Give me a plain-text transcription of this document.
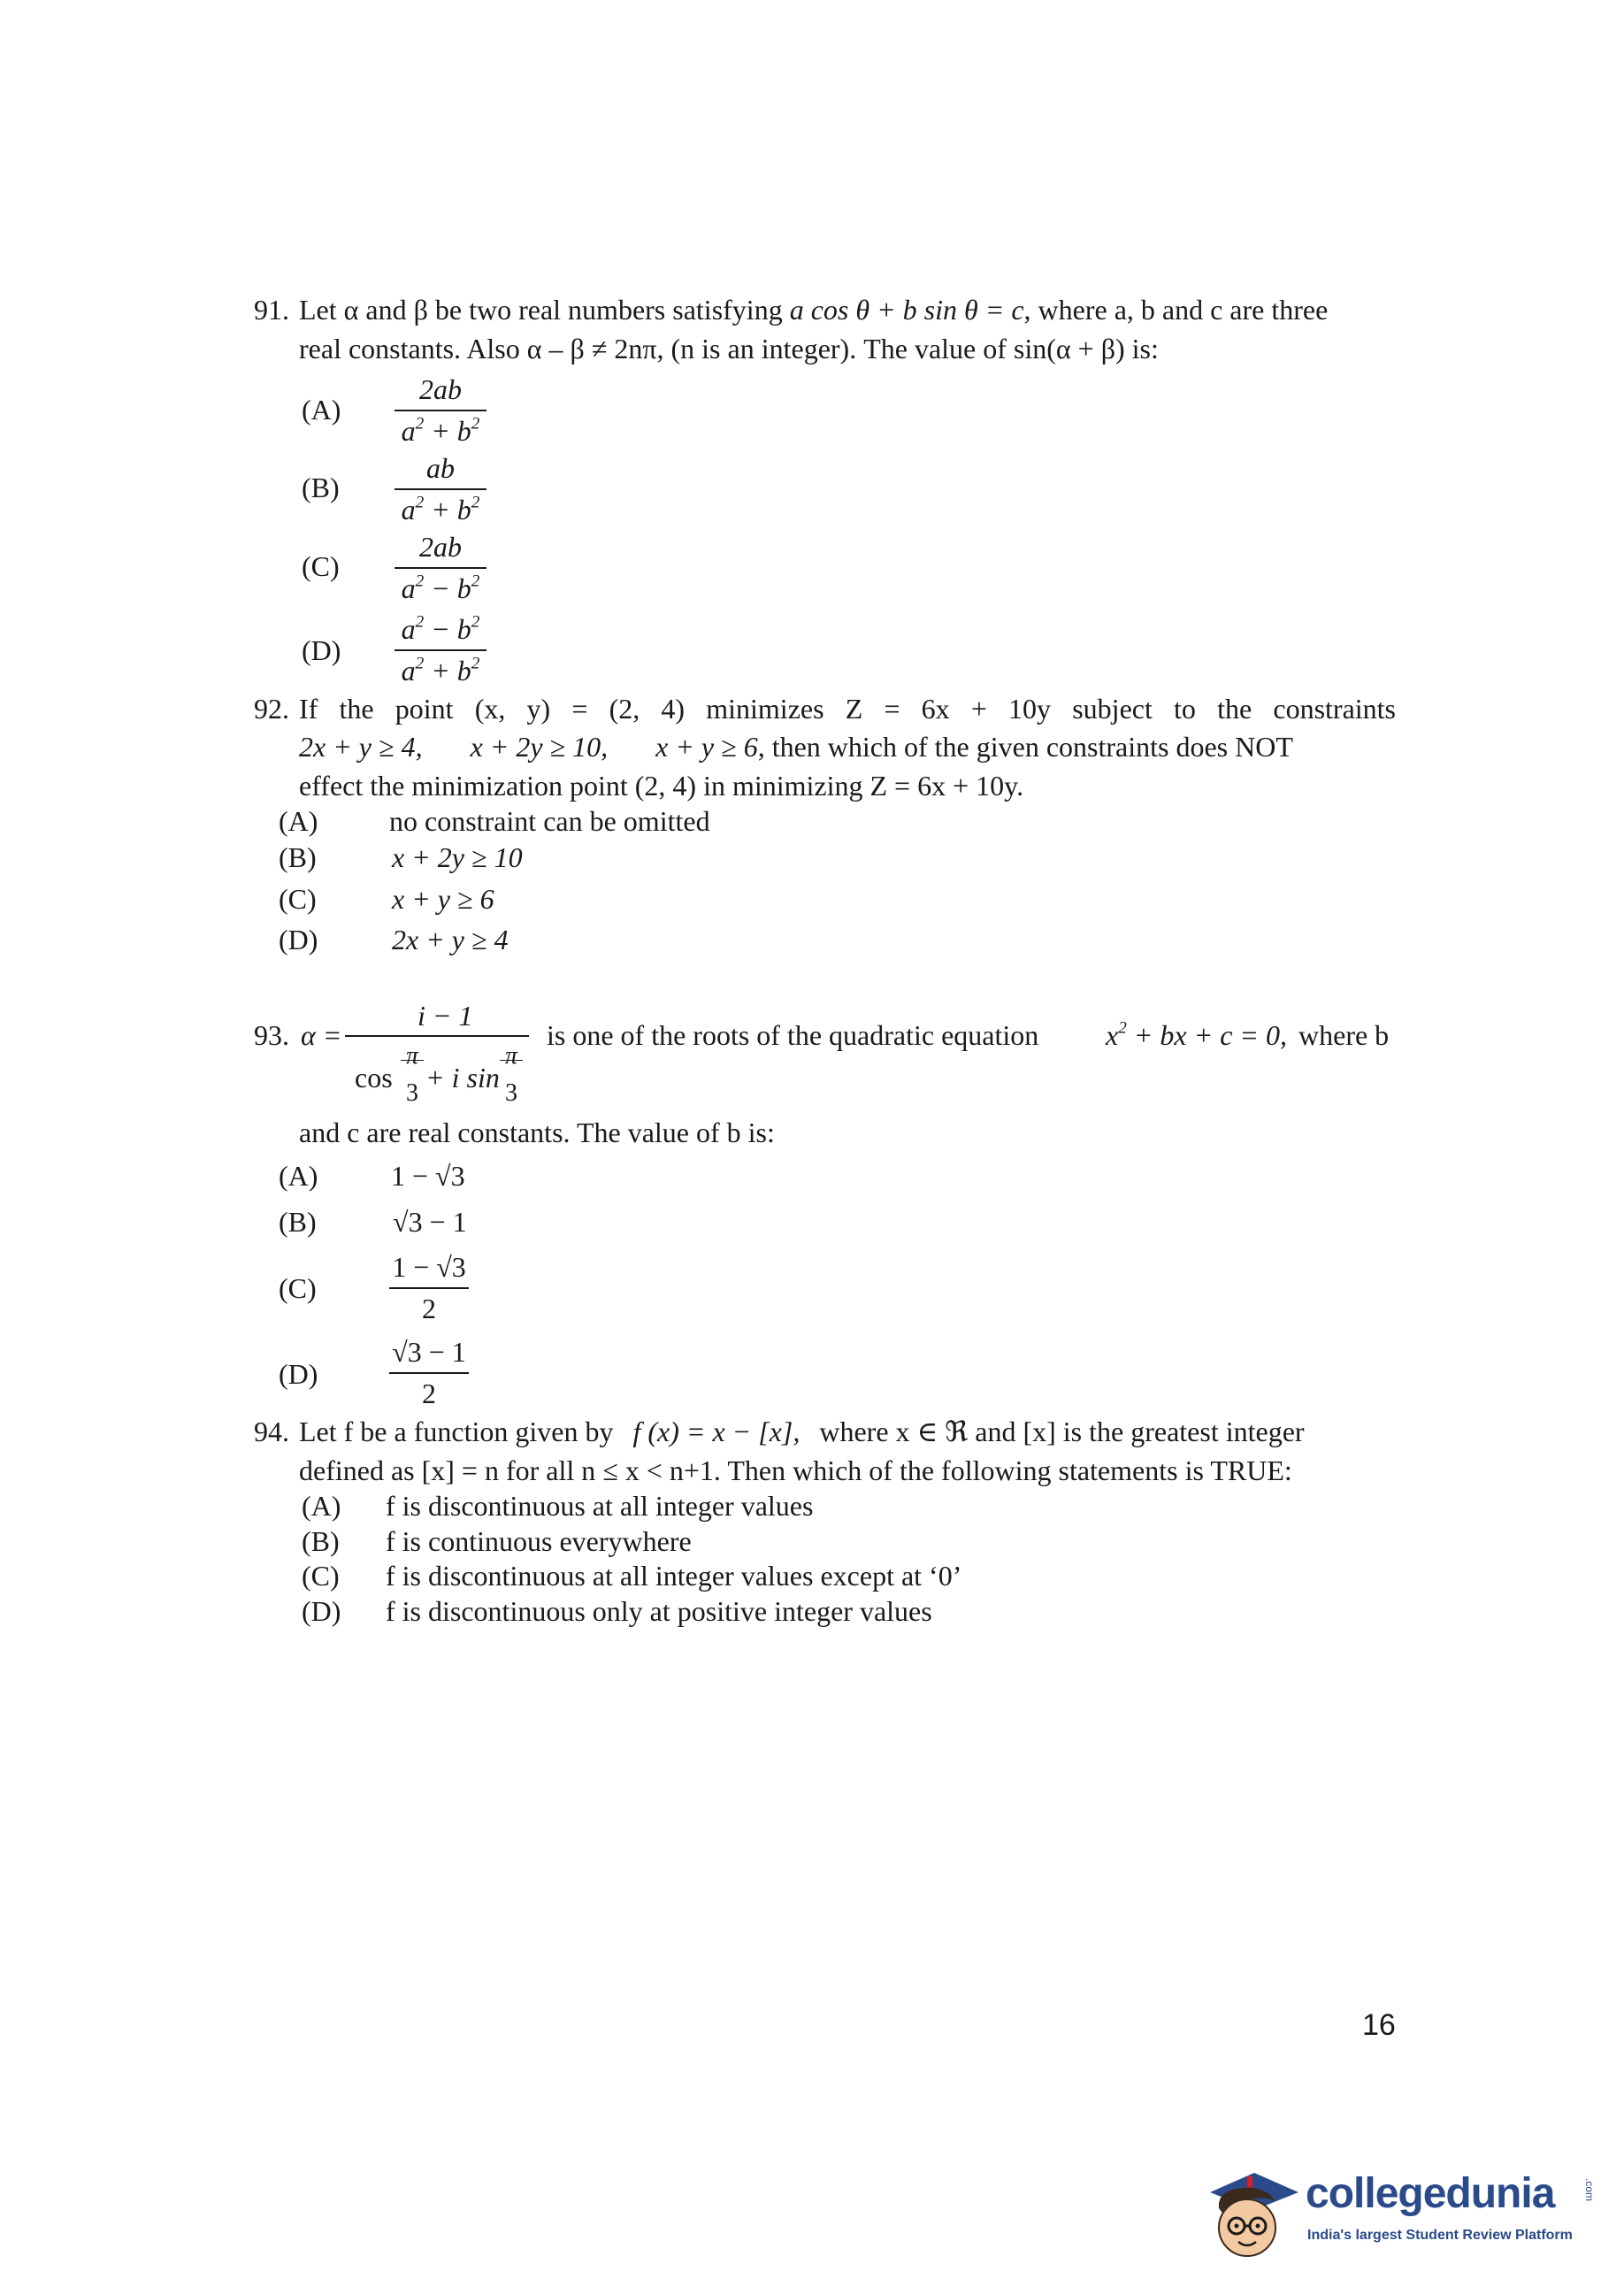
91. Let α and β be two real numbers satisfying a cos θ + b sin θ = c, where a, b and c are three
real constants. Also α – β ≠ 2nπ, (n is an integer). The value of sin(α + β) is:
(A)
2ab
$a^2 + b^2$
(B)
ab
$a^2 + b^2$
(C)
2ab
$a^2 - b^2$
(D)
$a^2 - b^2$
$a^2 + b^2$
92. If the point (x, y) = (2, 4) minimizes Z = 6x + 10y subject to the constraints
2x + y ≥ 4, x + 2y ≥ 10, x + y ≥ 6, then which of the given constraints does NOT
effect the minimization point (2, 4) in minimizing Z = 6x + 10y.
(A)	no constraint can be omitted
(B)	x + 2y ≥ 10
(C)	x + y ≥ 6
(D)	2x + y ≥ 4
93. α =
i − 1
cos
π
3 + i sin
π
3
is one of the roots of the quadratic equation $x^2$ + bx + c = 0, where b
and c are real constants. The value of b is:
(A)	1 − √3
(B)	√3 − 1
(C)
1 − √3
2
(D)
√3 − 1
2
94. Let f be a function given by f (x) = x − [x], where x ∈ ℜ and [x] is the greatest integer
defined as [x] = n for all n ≤ x < n+1. Then which of the following statements is TRUE:
(A) f is discontinuous at all integer values
(B) f is continuous everywhere
(C) f is discontinuous at all integer values except at ‘0’
(D) f is discontinuous only at positive integer values
16
collegedunia	.com
India's largest Student Review Platform
